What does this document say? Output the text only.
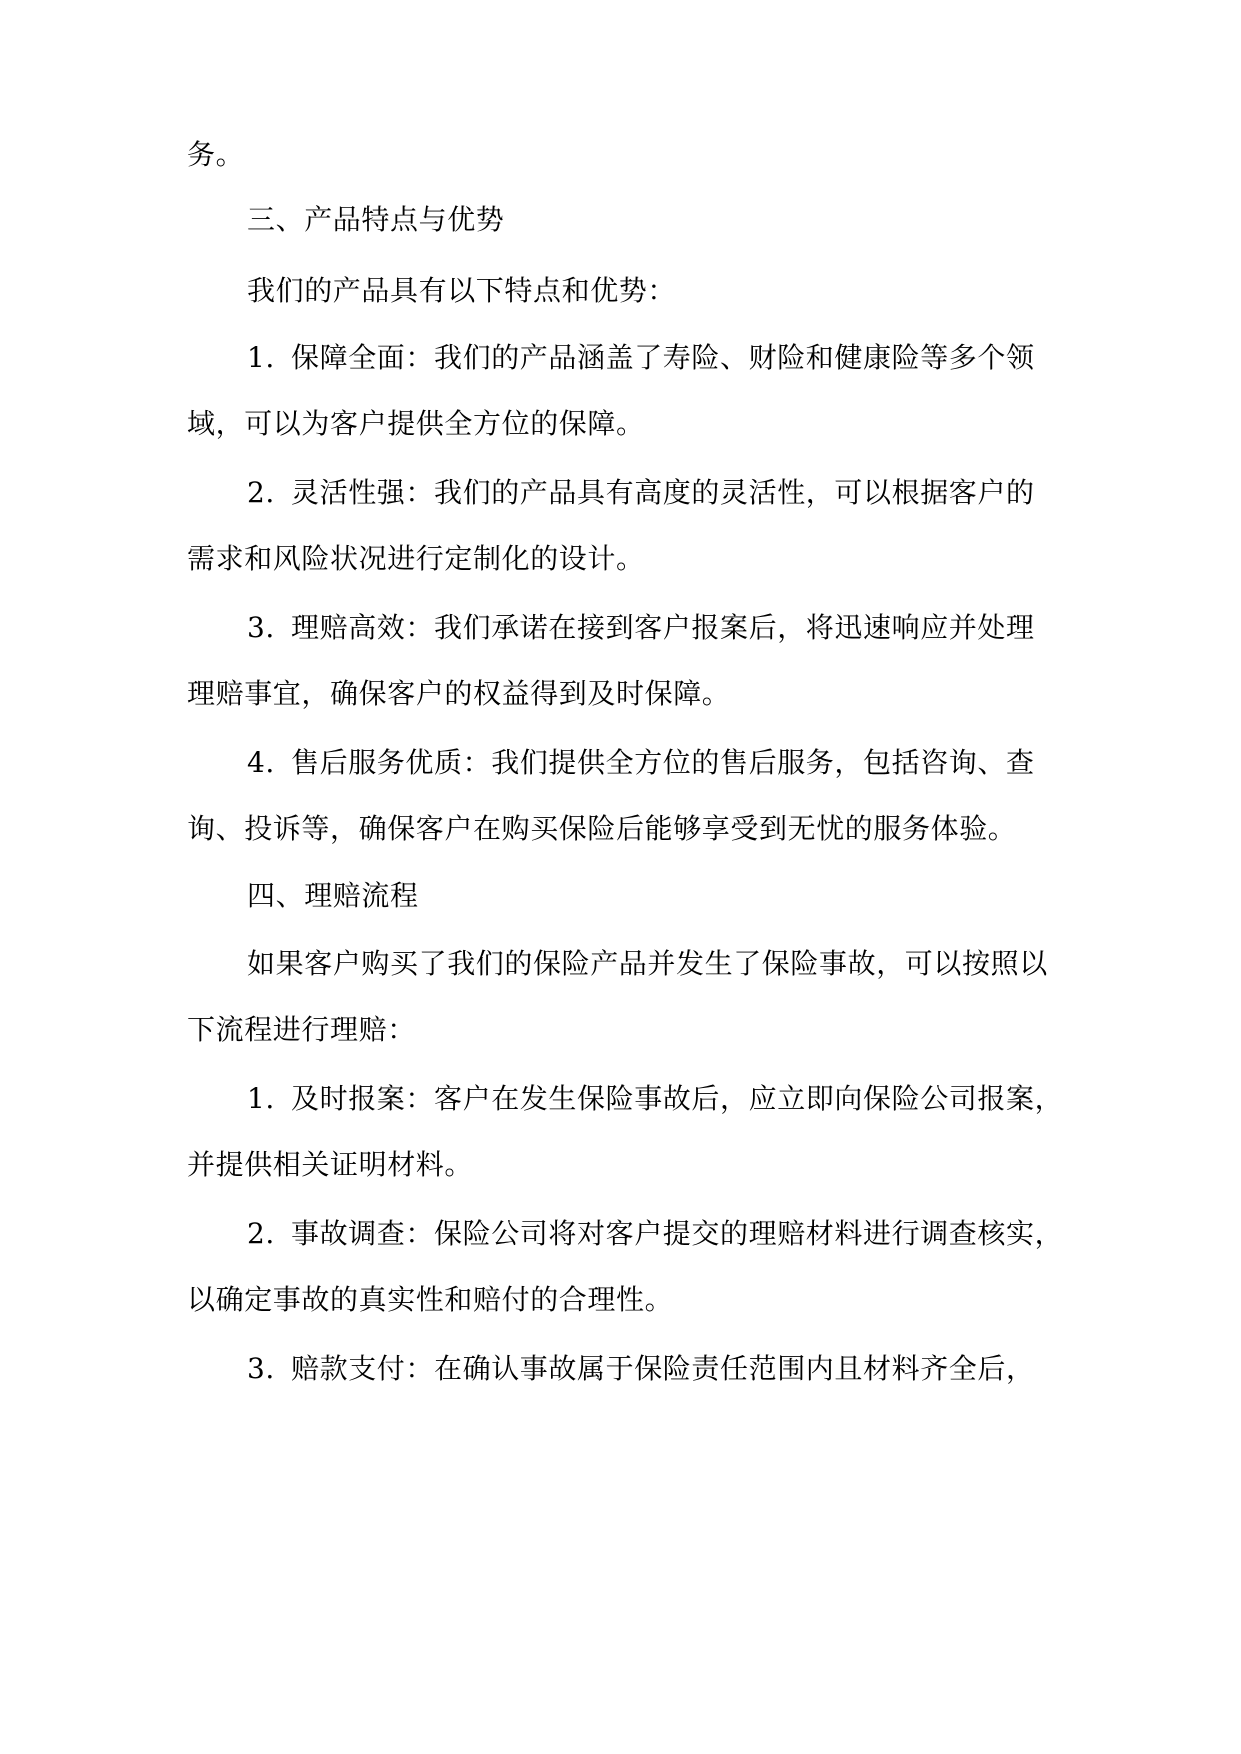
务。
三、产品特点与优势
我们的产品具有以下特点和优势：
1. 保障全面：我们的产品涵盖了寿险、财险和健康险等多个领
域，可以为客户提供全方位的保障。
2. 灵活性强：我们的产品具有高度的灵活性，可以根据客户的
需求和风险状况进行定制化的设计。
3. 理赔高效：我们承诺在接到客户报案后，将迅速响应并处理
理赔事宜，确保客户的权益得到及时保障。
4. 售后服务优质：我们提供全方位的售后服务，包括咨询、查
询、投诉等，确保客户在购买保险后能够享受到无忧的服务体验。
四、理赔流程
如果客户购买了我们的保险产品并发生了保险事故，可以按照以
下流程进行理赔：
1. 及时报案：客户在发生保险事故后，应立即向保险公司报案，
并提供相关证明材料。
2. 事故调查：保险公司将对客户提交的理赔材料进行调查核实，
以确定事故的真实性和赔付的合理性。
3. 赔款支付：在确认事故属于保险责任范围内且材料齐全后，
